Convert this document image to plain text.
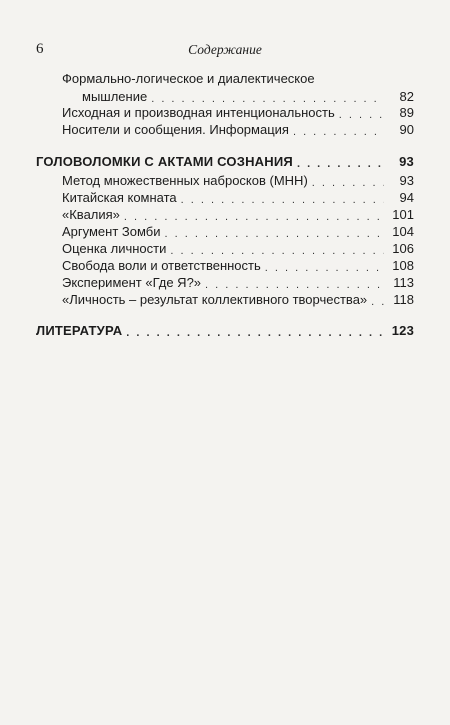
6	Содержание
Формально-логическое и диалектическое
мышление . . .	82
Исходная и производная интенциональность . . .	89
Носители и сообщения. Информация . . .	90
ГОЛОВОЛОМКИ С АКТАМИ СОЗНАНИЯ . . .	93
Метод множественных набросков (МНН) . . .	93
Китайская комната . . .	94
«Квалия» . . .	101
Аргумент Зомби . . .	104
Оценка личности . . .	106
Свобода воли и ответственность . . .	108
Эксперимент «Где Я?» . . .	113
«Личность – результат коллективного творчества» . . .	118
ЛИТЕРАТУРА . . .	123
